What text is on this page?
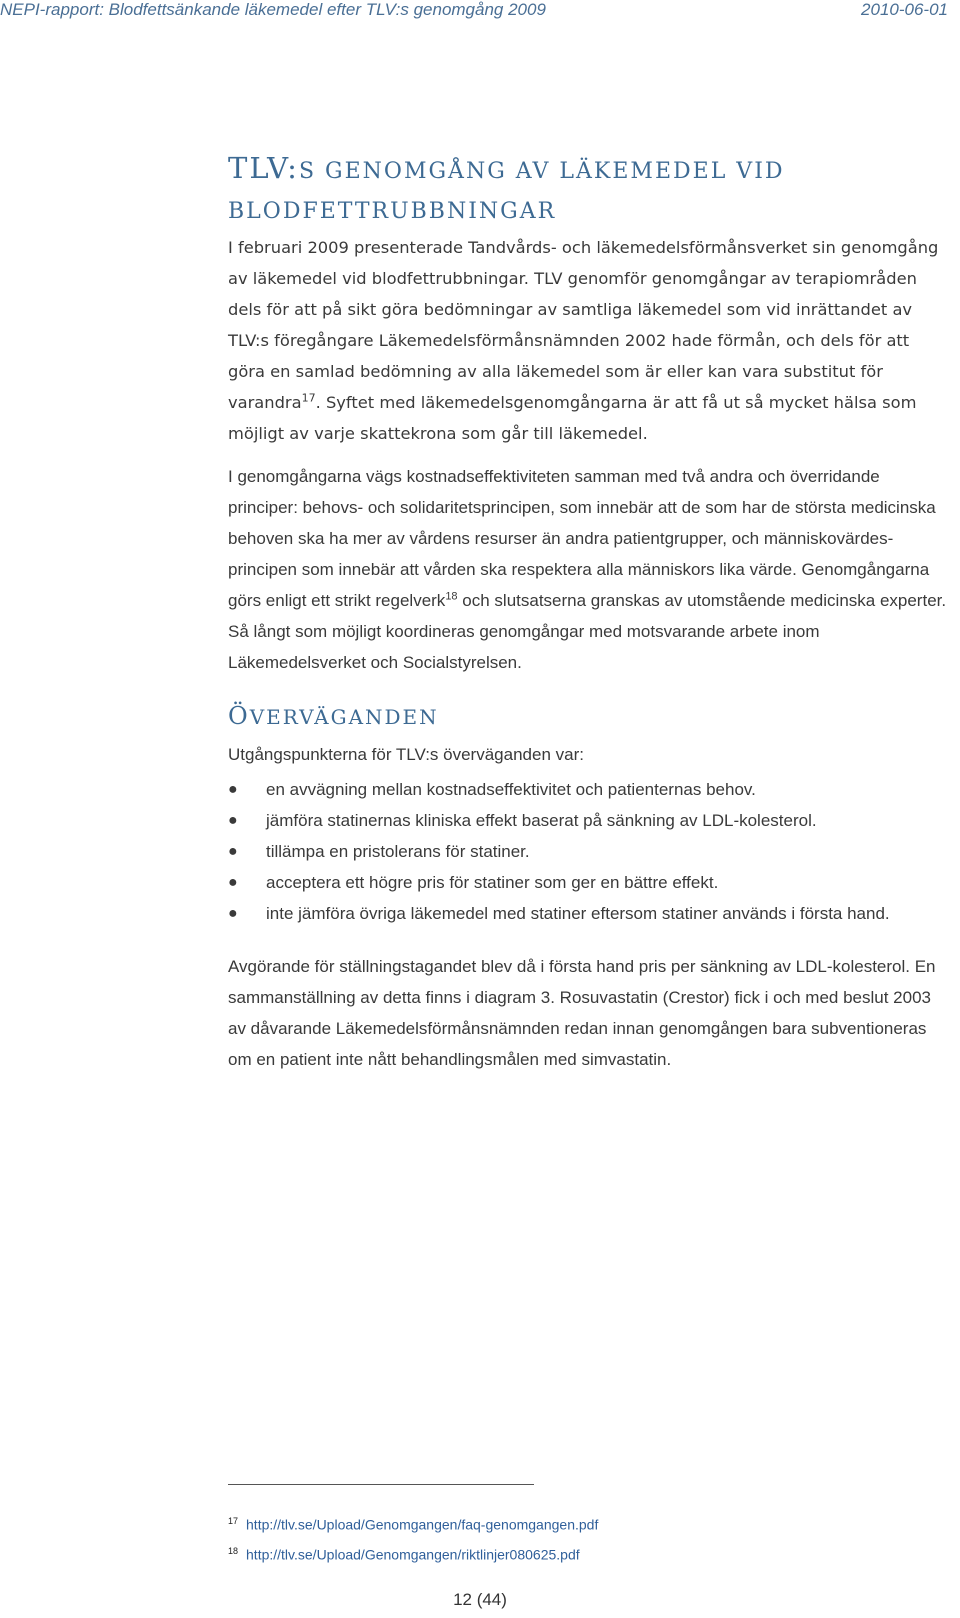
NEPI-rapport: Blodfettsänkande läkemedel efter TLV:s genomgång 2009	2010-06-01
TLV:S GENOMGÅNG AV LÄKEMEDEL VID
BLODFETTRUBBNINGAR

I februari 2009 presenterade Tandvårds- och läkemedelsförmånsverket sin genomgång av läkemedel vid blodfettrubbningar. TLV genomför genomgångar av terapiområden dels för att på sikt göra bedömningar av samtliga läkemedel som vid inrättandet av TLV:s föregångare Läkemedelsförmånsnämnden 2002 hade förmån, och dels för att göra en samlad bedömning av alla läkemedel som är eller kan vara substitut för varandra$^{17}$. Syftet med läkemedelsgenomgångarna är att få ut så mycket hälsa som möjligt av varje skattekrona som går till läkemedel.

I genomgångarna vägs kostnadseffektiviteten samman med två andra och överridande principer: behovs- och solidaritetsprincipen, som innebär att de som har de största medicinska behoven ska ha mer av vårdens resurser än andra patientgrupper, och människovärdes-principen som innebär att vården ska respektera alla människors lika värde. Genomgångarna görs enligt ett strikt regelverk$^{18}$ och slutsatserna granskas av utomstående medicinska experter. Så långt som möjligt koordineras genomgångar med motsvarande arbete inom Läkemedelsverket och Socialstyrelsen.

ÖVERVÄGANDEN

Utgångspunkterna för TLV:s överväganden var:

● en avvägning mellan kostnadseffektivitet och patienternas behov.
● jämföra statinernas kliniska effekt baserat på sänkning av LDL-kolesterol.
● tillämpa en pristolerans för statiner.
● acceptera ett högre pris för statiner som ger en bättre effekt.
● inte jämföra övriga läkemedel med statiner eftersom statiner används i första hand.

Avgörande för ställningstagandet blev då i första hand pris per sänkning av LDL-kolesterol. En sammanställning av detta finns i diagram 3. Rosuvastatin (Crestor) fick i och med beslut 2003 av dåvarande Läkemedelsförmånsnämnden redan innan genomgången bara subventioneras om en patient inte nått behandlingsmålen med simvastatin.

$^{17}$ http://tlv.se/Upload/Genomgangen/faq-genomgangen.pdf
$^{18}$ http://tlv.se/Upload/Genomgangen/riktlinjer080625.pdf
12 (44)
